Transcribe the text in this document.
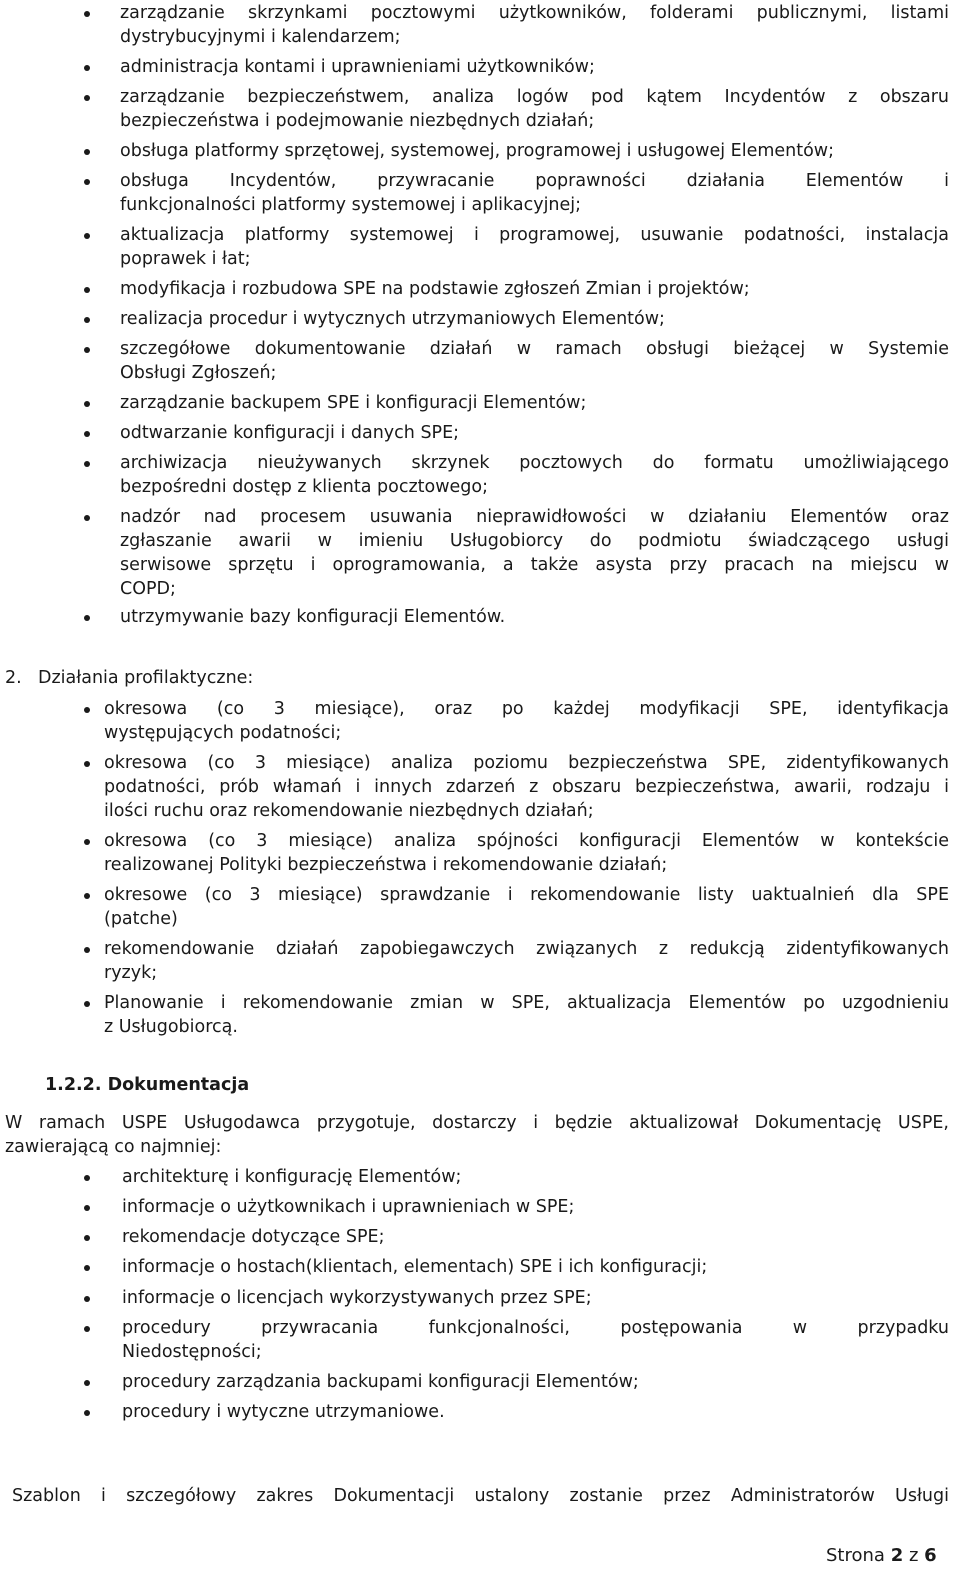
zarządzanie skrzynkami pocztowymi użytkowników, folderami publicznymi, listami
dystrybucyjnymi i kalendarzem;
administracja kontami i uprawnieniami użytkowników;
zarządzanie bezpieczeństwem, analiza logów pod kątem Incydentów z obszaru
bezpieczeństwa i podejmowanie niezbędnych działań;
obsługa platformy sprzętowej, systemowej, programowej i usługowej Elementów;
obsługa Incydentów, przywracanie poprawności działania Elementów i
funkcjonalności platformy systemowej i aplikacyjnej;
aktualizacja platformy systemowej i programowej, usuwanie podatności, instalacja
poprawek i łat;
modyfikacja i rozbudowa SPE na podstawie zgłoszeń Zmian i projektów;
realizacja procedur i wytycznych utrzymaniowych Elementów;
szczegółowe dokumentowanie działań w ramach obsługi bieżącej w Systemie
Obsługi Zgłoszeń;
zarządzanie backupem SPE i konfiguracji Elementów;
odtwarzanie konfiguracji i danych SPE;
archiwizacja nieużywanych skrzynek pocztowych do formatu umożliwiającego
bezpośredni dostęp z klienta pocztowego;
nadzór nad procesem usuwania nieprawidłowości w działaniu Elementów oraz
zgłaszanie awarii w imieniu Usługobiorcy do podmiotu świadczącego usługi
serwisowe sprzętu i oprogramowania, a także asysta przy pracach na miejscu w
COPD;
utrzymywanie bazy konfiguracji Elementów.
2. Działania profilaktyczne:
okresowa (co 3 miesiące), oraz po każdej modyfikacji SPE, identyfikacja
występujących podatności;
okresowa (co 3 miesiące) analiza poziomu bezpieczeństwa SPE, zidentyfikowanych
podatności, prób włamań i innych zdarzeń z obszaru bezpieczeństwa, awarii, rodzaju i
ilości ruchu oraz rekomendowanie niezbędnych działań;
okresowa (co 3 miesiące) analiza spójności konfiguracji Elementów w kontekście
realizowanej Polityki bezpieczeństwa i rekomendowanie działań;
okresowe (co 3 miesiące) sprawdzanie i rekomendowanie listy uaktualnień dla SPE
(patche)
rekomendowanie działań zapobiegawczych związanych z redukcją zidentyfikowanych
ryzyk;
Planowanie i rekomendowanie zmian w SPE, aktualizacja Elementów po uzgodnieniu
z Usługobiorcą.
W ramach USPE Usługodawca przygotuje, dostarczy i będzie aktualizował Dokumentację USPE,
zawierającą co najmniej:
architekturę i konfigurację Elementów;
informacje o użytkownikach i uprawnieniach w SPE;
rekomendacje dotyczące SPE;
informacje o hostach(klientach, elementach) SPE i ich konfiguracji;
informacje o licencjach wykorzystywanych przez SPE;
procedury przywracania funkcjonalności, postępowania w przypadku
Niedostępności;
procedury zarządzania backupami konfiguracji Elementów;
procedury i wytyczne utrzymaniowe.
Szablon i szczegółowy zakres Dokumentacji ustalony zostanie przez Administratorów Usługi
1.2.2. Dokumentacja
Strona 2 z 6
